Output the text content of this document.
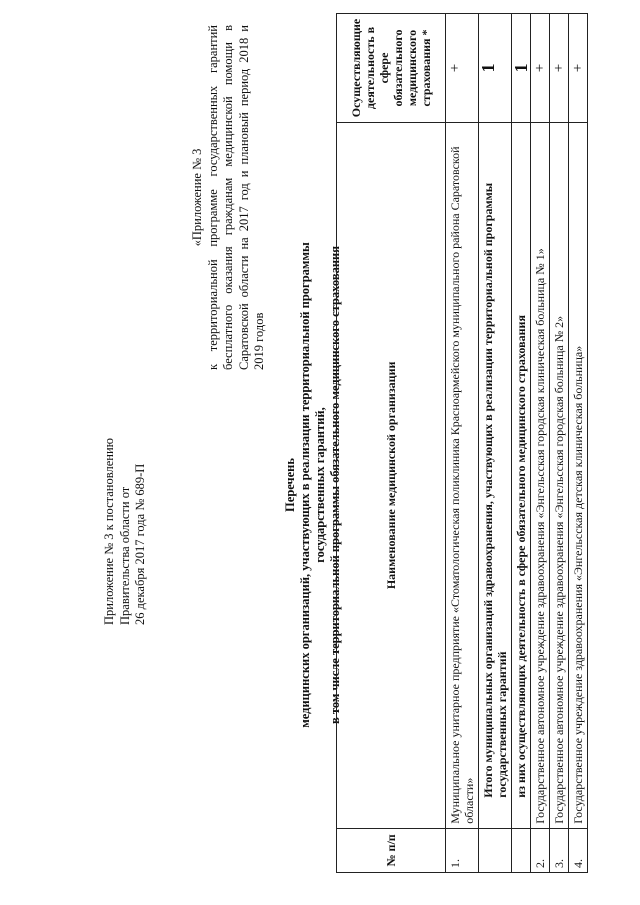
Приложение № 3 к постановлению Правительства области от 26 декабря 2017 года № 689-П
«Приложение № 3 к территориальной программе государственных гарантий бесплатного оказания гражданам медицинской помощи в Саратовской области на 2017 год и плановый период 2018 и 2019 годов
Перечень медицинских организаций, участвующих в реализации территориальной программы государственных гарантий, в том числе территориальной программы обязательного медицинского страхования
№ п/п	Наименование медицинской организации	Осуществляющие деятельность в сфере обязательного медицинского страхования *
1.	Муниципальное унитарное предприятие «Стоматологическая поликлиника Красноармейского муниципального района Саратовской области»	+
	Итого муниципальных организаций здравоохранения, участвующих в реализации территориальной программы государственных гарантий	1
	из них осуществляющих деятельность в сфере обязательного медицинского страхования	1
2.	Государственное автономное учреждение здравоохранения «Энгельсская городская клиническая больница № 1»	+
3.	Государственное автономное учреждение здравоохранения «Энгельсская городская больница № 2»	+
4.	Государственное учреждение здравоохранения «Энгельсская детская клиническая больница»	+
